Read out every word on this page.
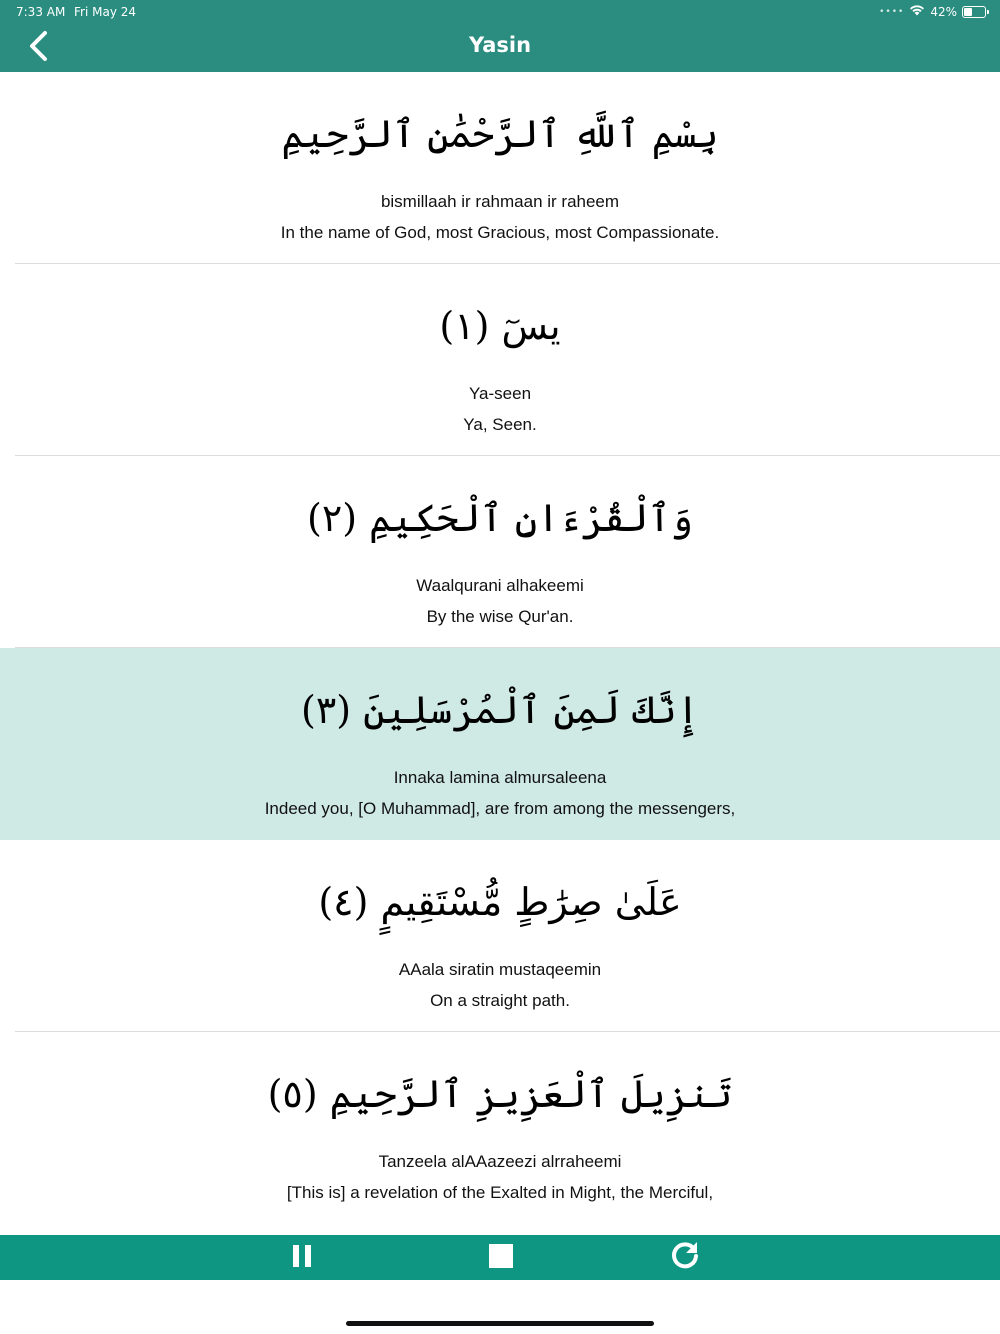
7:33 AM Fri May 24	•••• 42%
Yasin
بِسْمِ ٱللَّهِ ٱلرَّحْمَٰنِ ٱلرَّحِيمِ
bismillaah ir rahmaan ir raheem
In the name of God, most Gracious, most Compassionate.
يسٓ (١)
Ya-seen
Ya, Seen.
وَٱلْقُرْءَانِ ٱلْحَكِيمِ (٢)
Waalqurani alhakeemi
By the wise Qur'an.
إِنَّكَ لَمِنَ ٱلْمُرْسَلِينَ (٣)
Innaka lamina almursaleena
Indeed you, [O Muhammad], are from among the messengers,
عَلَىٰ صِرَٰطٍ مُّسْتَقِيمٍ (٤)
AAala siratin mustaqeemin
On a straight path.
تَنزِيلَ ٱلْعَزِيزِ ٱلرَّحِيمِ (٥)
Tanzeela alAAazeezi alrraheemi
[This is] a revelation of the Exalted in Might, the Merciful,
